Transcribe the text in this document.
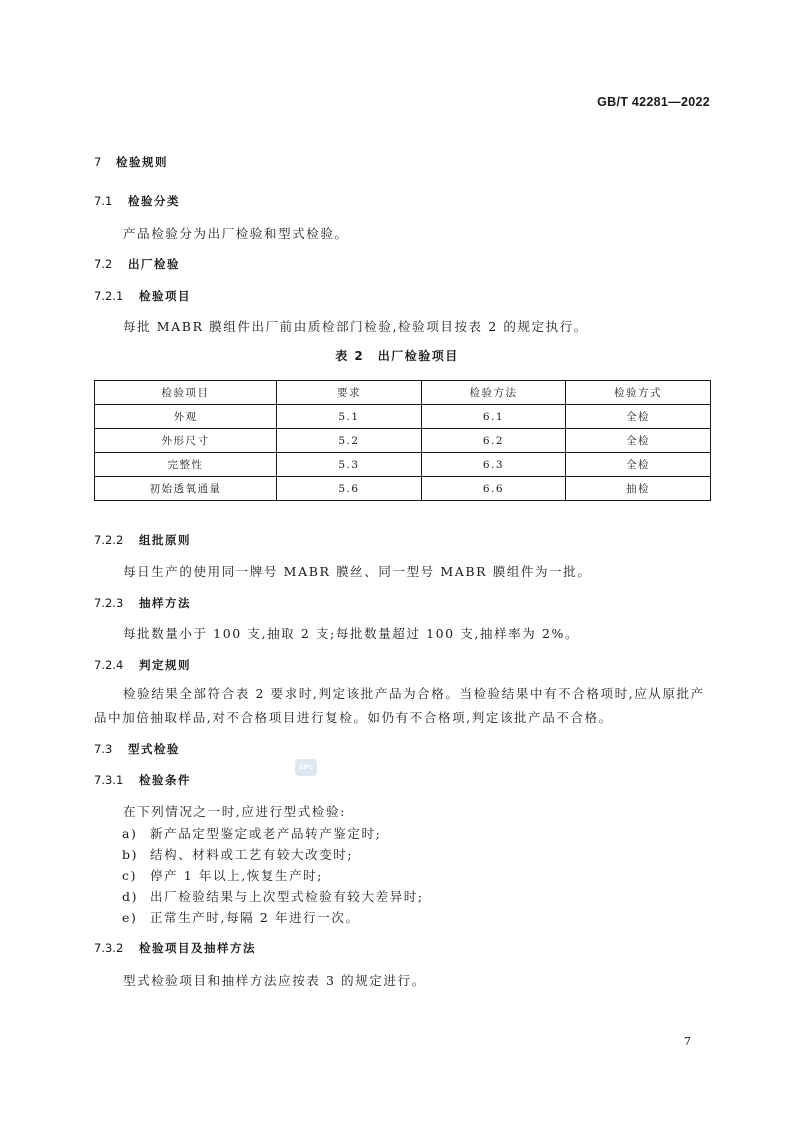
GB/T 42281—2022
7 检验规则
7.1 检验分类
产品检验分为出厂检验和型式检验。
7.2 出厂检验
7.2.1 检验项目
每批 MABR 膜组件出厂前由质检部门检验,检验项目按表 2 的规定执行。
表 2　出厂检验项目
检验项目	要求	检验方法	检验方式
外观	5.1	6.1	全检
外形尺寸	5.2	6.2	全检
完整性	5.3	6.3	全检
初始透氧通量	5.6	6.6	抽检
7.2.2 组批原则
每日生产的使用同一牌号 MABR 膜丝、同一型号 MABR 膜组件为一批。
7.2.3 抽样方法
每批数量小于 100 支,抽取 2 支;每批数量超过 100 支,抽样率为 2%。
7.2.4 判定规则
检验结果全部符合表 2 要求时,判定该批产品为合格。当检验结果中有不合格项时,应从原批产品中加倍抽取样品,对不合格项目进行复检。如仍有不合格项,判定该批产品不合格。
7.3 型式检验
SPC
7.3.1 检验条件
在下列情况之一时,应进行型式检验:
a) 新产品定型鉴定或老产品转产鉴定时;
b) 结构、材料或工艺有较大改变时;
c) 停产 1 年以上,恢复生产时;
d) 出厂检验结果与上次型式检验有较大差异时;
e) 正常生产时,每隔 2 年进行一次。
7.3.2 检验项目及抽样方法
型式检验项目和抽样方法应按表 3 的规定进行。
7
